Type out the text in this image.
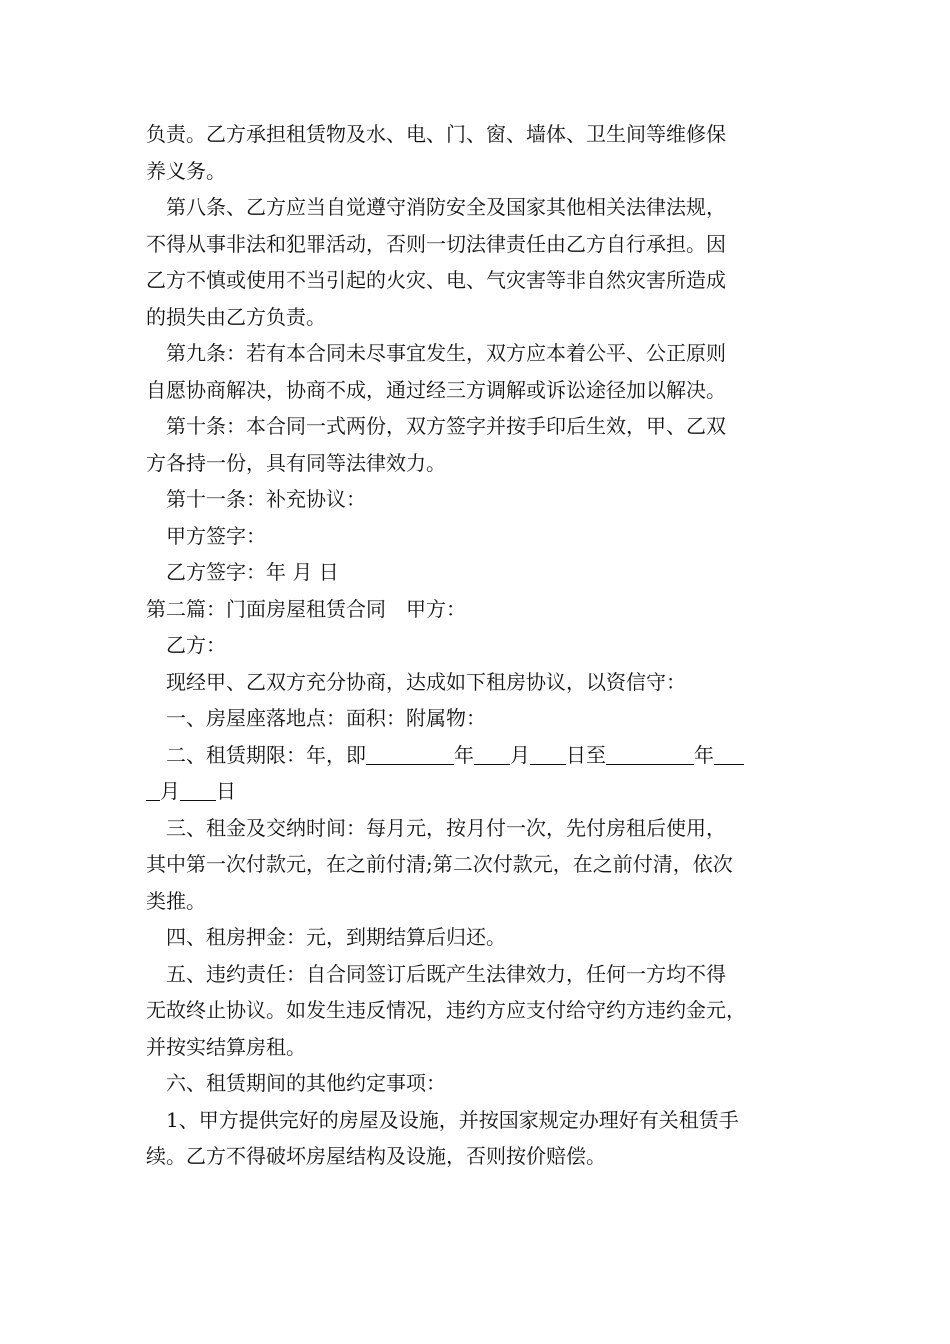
负责。乙方承担租赁物及水、电、门、窗、墙体、卫生间等维修保
养义务。
第八条、乙方应当自觉遵守消防安全及国家其他相关法律法规，
不得从事非法和犯罪活动，否则一切法律责任由乙方自行承担。因
乙方不慎或使用不当引起的火灾、电、气灾害等非自然灾害所造成
的损失由乙方负责。
第九条：若有本合同未尽事宜发生，双方应本着公平、公正原则
自愿协商解决，协商不成，通过经三方调解或诉讼途径加以解决。
第十条：本合同一式两份，双方签字并按手印后生效，甲、乙双
方各持一份，具有同等法律效力。
第十一条：补充协议：
甲方签字：
乙方签字：年 月 日
第二篇：门面房屋租赁合同　甲方：
乙方：
现经甲、乙双方充分协商，达成如下租房协议，以资信守：
一、房屋座落地点：面积：附属物：
二、租赁期限：年，即	年 月 日至	年
月 日
三、租金及交纳时间：每月元，按月付一次，先付房租后使用，
其中第一次付款元，在之前付清;第二次付款元，在之前付清，依次
类推。
四、租房押金：元，到期结算后归还。
五、违约责任：自合同签订后既产生法律效力，任何一方均不得
无故终止协议。如发生违反情况，违约方应支付给守约方违约金元，
并按实结算房租。
六、租赁期间的其他约定事项：
1、甲方提供完好的房屋及设施，并按国家规定办理好有关租赁手
续。乙方不得破坏房屋结构及设施，否则按价赔偿。
